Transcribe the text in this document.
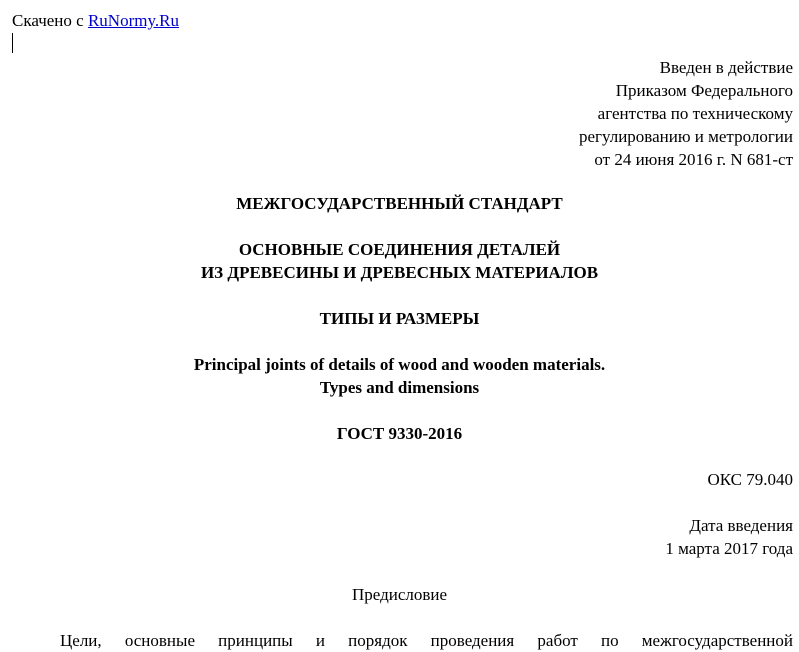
Скачено с RuNormy.Ru
Введен в действие
Приказом Федерального
агентства по техническому
регулированию и метрологии
от 24 июня 2016 г. N 681-ст
МЕЖГОСУДАРСТВЕННЫЙ СТАНДАРТ
ОСНОВНЫЕ СОЕДИНЕНИЯ ДЕТАЛЕЙ
ИЗ ДРЕВЕСИНЫ И ДРЕВЕСНЫХ МАТЕРИАЛОВ
ТИПЫ И РАЗМЕРЫ
Principal joints of details of wood and wooden materials.
Types and dimensions
ГОСТ 9330-2016
ОКС 79.040
Дата введения
1 марта 2017 года
Предисловие
Цели, основные принципы и порядок проведения работ по межгосударственной
